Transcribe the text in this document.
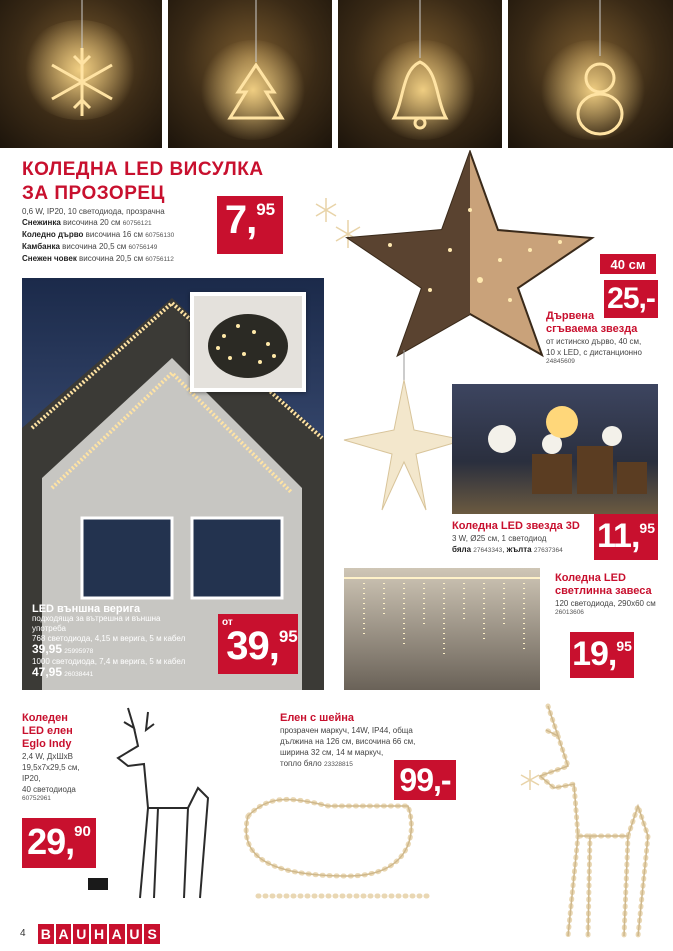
КОЛЕДНА LED ВИСУЛКА
ЗА ПРОЗОРЕЦ
0,6 W, IP20, 10 светодиода, прозрачна
Снежинка височина 20 см 60756121
Коледно дърво височина 16 см 60756130
Камбанка височина 20,5 см 60756149
Снежен човек височина 20,5 см 60756112
7, 95
40 см
25,-
Дървена
сгъваема звезда
от истинско дърво, 40 см,
10 x LED, с дистанционно
24845609
LED външна верига
подходяща за вътрешна и външна
употреба
768 светодиода, 4,15 м верига, 5 м кабел
39,95 25995978
1000 светодиода, 7,4 м верига, 5 м кабел
47,95 26038441
от
39, 95
Коледна LED звезда 3D
3 W, Ø25 см, 1 светодиод
бяла 27643343, жълта 27637364	11, 95
Коледна LED
светлинна завеса
120 светодиода, 290x60 см
26013606
19, 95
Коледен
LED елен
Eglo Indy
2,4 W, ДxШxВ
19,5x7x29,5 см,
IP20,
40 светодиода
60752961
29, 90
Елен с шейна
прозрачен маркуч, 14W, IP44, обща
дължина на 126 см, височина 66 см,
ширина 32 см, 14 м маркуч,
топло бяло 23328815	99,-
4 B A U H A U S
